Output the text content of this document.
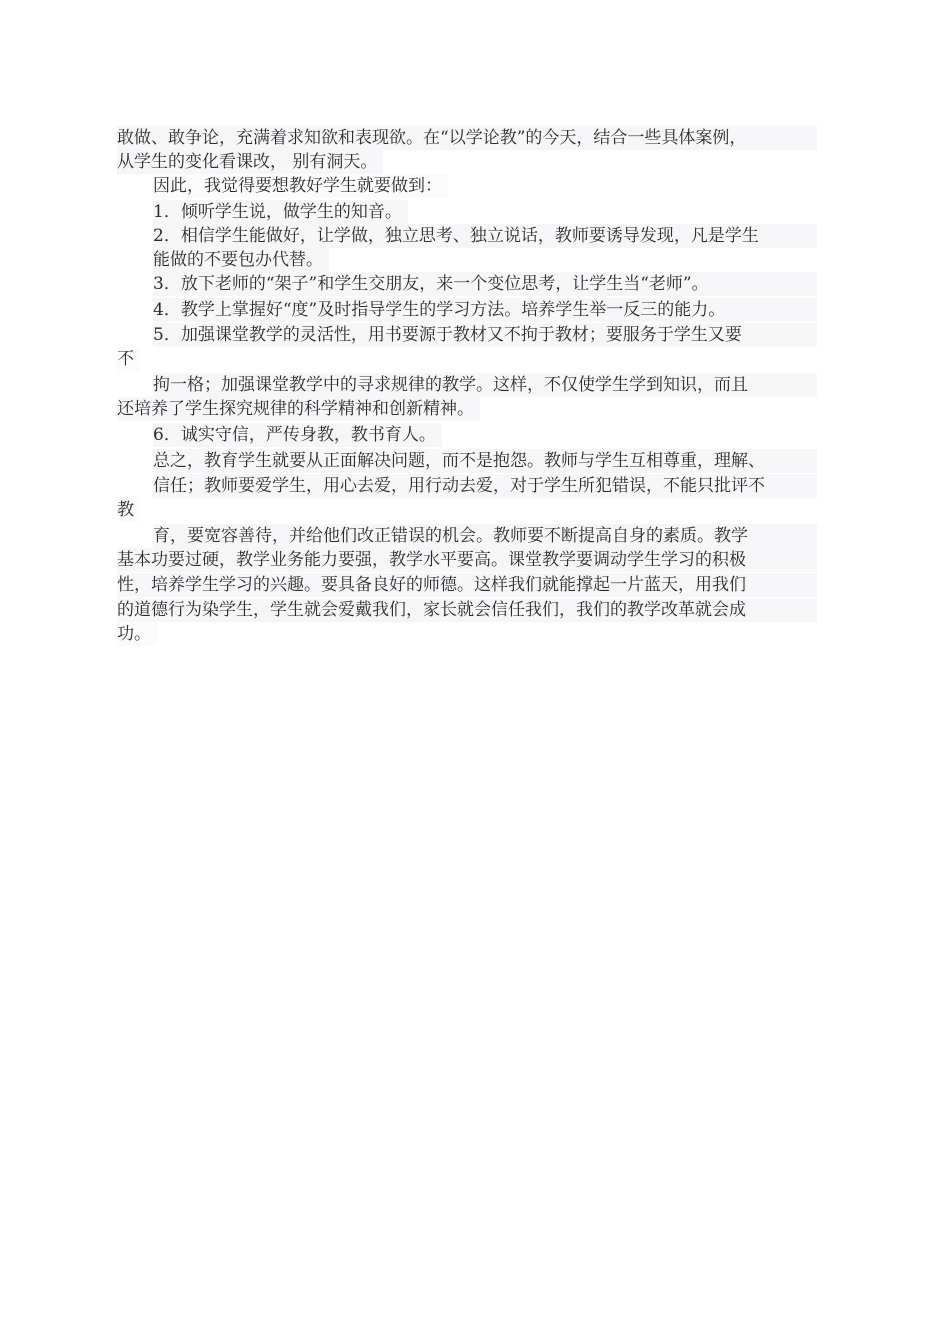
敢做、敢争论，充满着求知欲和表现欲。在“以学论教”的今天，结合一些具体案例，
从学生的变化看课改， 别有洞天。
因此，我觉得要想教好学生就要做到：
1．倾听学生说，做学生的知音。
2．相信学生能做好，让学做，独立思考、独立说话，教师要诱导发现，凡是学生
能做的不要包办代替。
3．放下老师的“架子”和学生交朋友，来一个变位思考，让学生当“老师”。
4．教学上掌握好“度”及时指导学生的学习方法。培养学生举一反三的能力。
5．加强课堂教学的灵活性，用书要源于教材又不拘于教材；要服务于学生又要
不
拘一格；加强课堂教学中的寻求规律的教学。这样，不仅使学生学到知识，而且
还培养了学生探究规律的科学精神和创新精神。
6．诚实守信，严传身教，教书育人。
总之，教育学生就要从正面解决问题，而不是抱怨。教师与学生互相尊重，理解、
信任；教师要爱学生，用心去爱，用行动去爱，对于学生所犯错误，不能只批评不
教
育，要宽容善待，并给他们改正错误的机会。教师要不断提高自身的素质。教学
基本功要过硬，教学业务能力要强，教学水平要高。课堂教学要调动学生学习的积极
性，培养学生学习的兴趣。要具备良好的师德。这样我们就能撑起一片蓝天，用我们
的道德行为染学生，学生就会爱戴我们，家长就会信任我们，我们的教学改革就会成
功。
